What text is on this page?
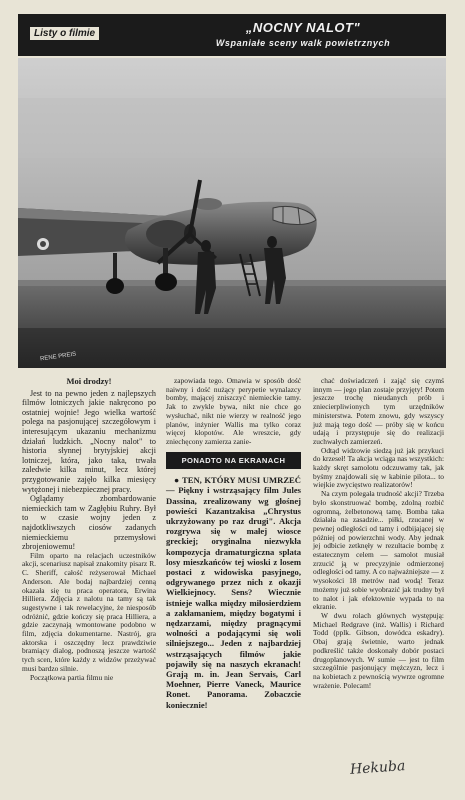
Listy o filmie	„NOCNY NALOT"
Wspaniałe sceny walk powietrznych
RENE PREIS

Moi drodzy!

Jest to na pewno jeden z najlepszych filmów lotniczych jakie nakręcono po ostatniej wojnie! Jego wielka wartość polega na pasjonującej szczegółowym i interesującym ukazaniu mechanizmu działań ludzkich. „Nocny nalot" to historia słynnej brytyjskiej akcji lotniczej, która, jako taka, trwała zaledwie kilka minut, lecz której przygotowanie zajęło kilka miesięcy wytężonej i niebezpiecznej pracy.

Oglądamy zbombardowanie niemieckich tam w Zagłębiu Ruhry. Był to w czasie wojny jeden z najdotkliwszych ciosów zadanych niemieckiemu przemysłowi zbrojeniowemu!

Film oparto na relacjach uczestników akcji, scenariusz napisał znakomity pisarz R. C. Sheriff, całość reżyserował Michael Anderson. Ale bodaj najbardziej cenną okazała się tu praca operatora, Erwina Hilliera. Zdjęcia z nalotu na tamy są tak sugestywne i tak rewelacyjne, że niesposób odróżnić, gdzie kończy się praca Hilliera, a gdzie zaczynają wmontowane podobno w film, zdjęcia dokumentarne. Nastrój, gra aktorska i oszczędny lecz prawdziwie bramiący dialog, podnoszą jeszcze wartość tych scen, które każdy z widzów przeżywać musi bardzo silnie.

Początkowa partia filmu nie

zapowiada tego. Omawia w sposób dość naiwny i dość nużący perypetie wynalazcy bomby, mającej zniszczyć niemieckie tamy. Jak to zwykle bywa, nikt nie chce go wysłuchać, nikt nie wierzy w realność jego planów, inżynier Wallis ma tylko coraz więcej kłopotów. Ale wreszcie, gdy zniechęcony zamierza zanie-

PONADTO NA EKRANACH

● TEN, KTÓRY MUSI UMRZEĆ — Piękny i wstrząsający film Jules Dassina, zrealizowany wg głośnej powieści Kazantzakisa „Chrystus ukrzyżowany po raz drugi". Akcja rozgrywa się w małej wiosce greckiej; oryginalna niezwykła kompozycja dramaturgiczna splata losy mieszkańców tej wioski z losem postaci z widowiska pasyjnego, odgrywanego przez nich z okazji Wielkiejnocy. Sens? Wiecznie istnieje walka między miłosierdziem a zakłamaniem, między bogatymi i nędzarzami, między pragnącymi wolności a podającymi się woli silniejszego... Jeden z najbardziej wstrząsających filmów jakie pojawiły się na naszych ekranach! Grają m. in. Jean Servais, Carl Moehner, Pierre Vaneck, Maurice Ronet. Panorama. Zobaczcie koniecznie!

chać doświadczeń i zająć się czymś innym — jego plan zostaje przyjęty! Potem jeszcze trochę nieudanych prób i zniecierpliwionych tym urzędników ministerstwa. Potem znowu, gdy wszyscy już mają tego dość — próby się w końcu udają i przystępuje się do realizacji zuchwałych zamierzeń.

Odtąd widzowie siedzą już jak przykuci do krzeseł! Ta akcja wciąga nas wszystkich: każdy skręt samolotu odczuwamy tak, jak byśmy znajdowali się w kabinie pilota... to wiejkie zwycięstwo realizatorów!

Na czym polegała trudność akcji? Trzeba było skonstruować bombę, zdolną rozbić ogromną, żelbetonową tamę. Bomba taka działała na zasadzie... piłki, rzucanej w pewnej odległości od tamy i odbijającej się później od powierzchni wody. Aby jednak jej odbicie zetknęły w rezultacie bombę z estatecznym celem — samolot musiał zrzucić ją w precyzyjnie odmierzonej odległości od tamy. A co najważniejsze — z wysokości 18 metrów nad wodą! Teraz możemy już sobie wyobrazić jak trudny był to nalot i jak efektownie wypada to na ekranie.

W dwu rolach głównych występują: Michael Redgrave (inż. Wallis) i Richard Todd (pplk. Gibson, dowódca eskadry). Obaj grają świetnie, warto jednak podkreślić także doskonały dobór postaci drugoplanowych. W sumie — jest to film szczególnie pasjonujący mężczyzn, lecz i na kobietach z pewnością wywrze ogromne wrażenie. Polecam!

Hekuba
